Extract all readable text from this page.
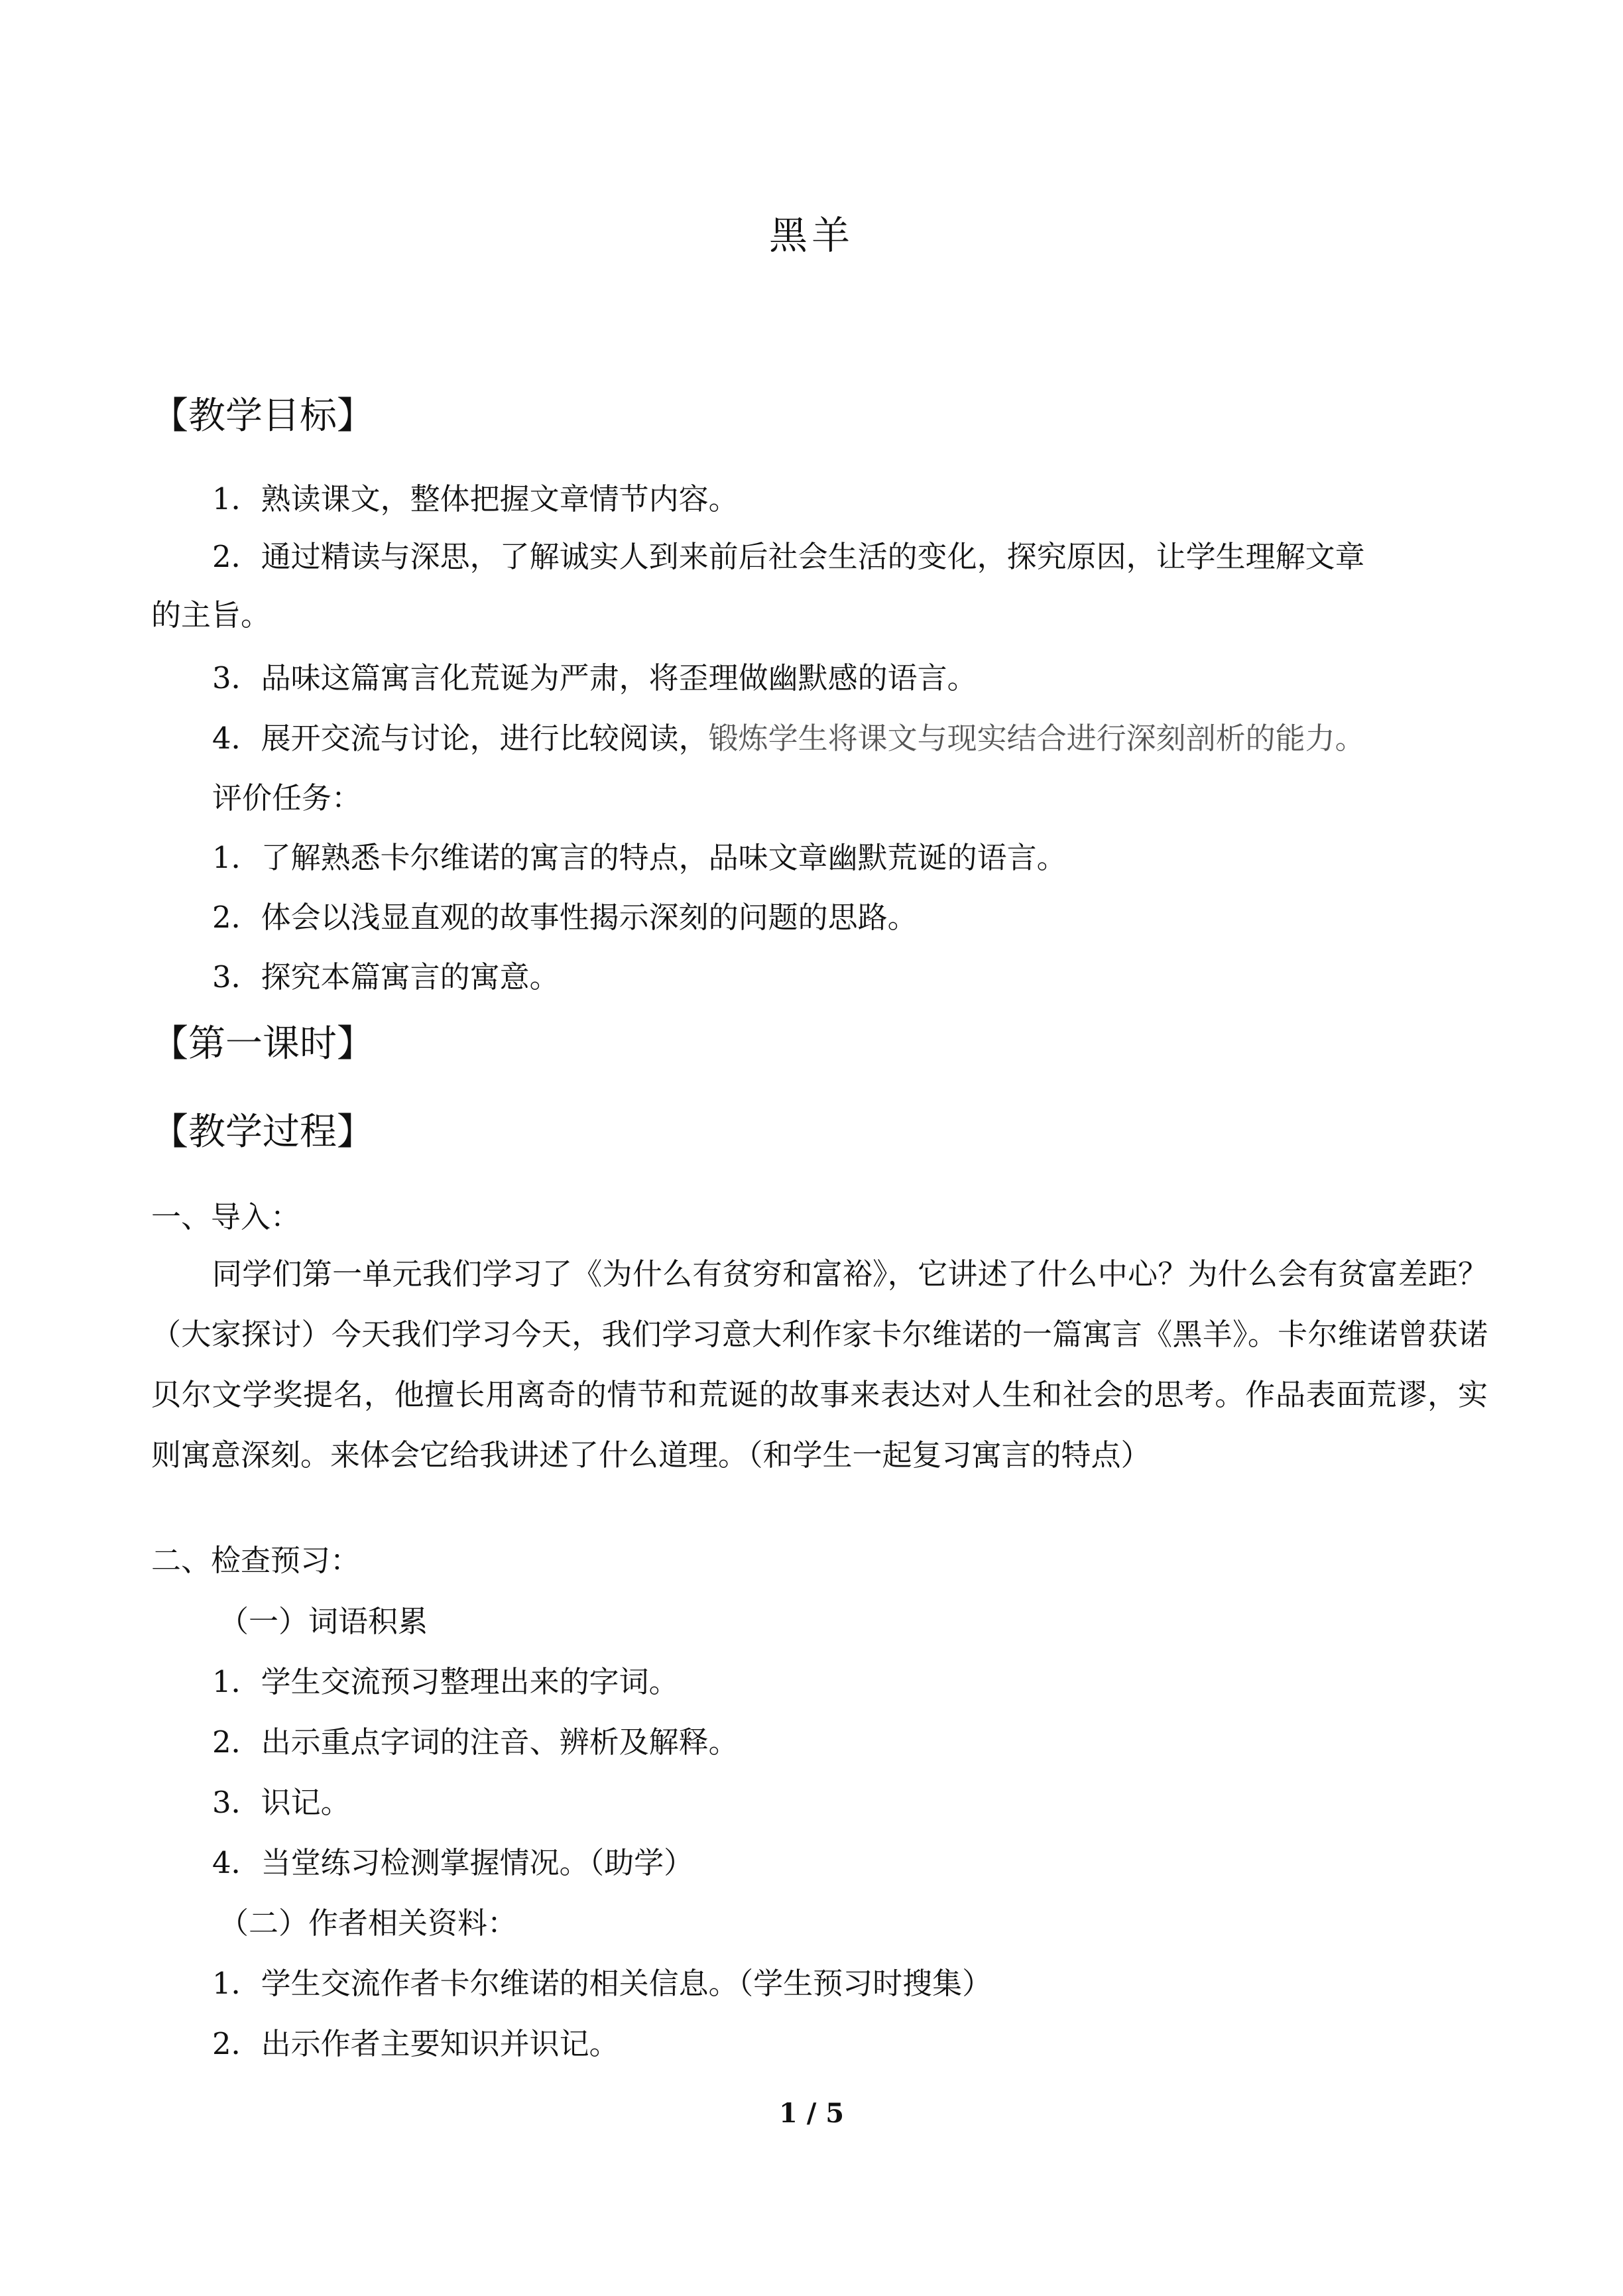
黑羊
【教学目标】
1．熟读课文，整体把握文章情节内容。
2．通过精读与深思，了解诚实人到来前后社会生活的变化，探究原因，让学生理解文章
的主旨。
3．品味这篇寓言化荒诞为严肃，将歪理做幽默感的语言。
4．展开交流与讨论，进行比较阅读，锻炼学生将课文与现实结合进行深刻剖析的能力。
评价任务：
1．了解熟悉卡尔维诺的寓言的特点，品味文章幽默荒诞的语言。
2．体会以浅显直观的故事性揭示深刻的问题的思路。
3．探究本篇寓言的寓意。
【第一课时】
【教学过程】
一、导入：
同学们第一单元我们学习了《为什么有贫穷和富裕》，它讲述了什么中心？为什么会有贫富差距？（大家探讨）今天我们学习今天，我们学习意大利作家卡尔维诺的一篇寓言《黑羊》。卡尔维诺曾获诺贝尔文学奖提名，他擅长用离奇的情节和荒诞的故事来表达对人生和社会的思考。作品表面荒谬，实则寓意深刻。来体会它给我讲述了什么道理。（和学生一起复习寓言的特点）
二、检查预习：
（一）词语积累
1．学生交流预习整理出来的字词。
2．出示重点字词的注音、辨析及解释。
3．识记。
4．当堂练习检测掌握情况。（助学）
（二）作者相关资料：
1．学生交流作者卡尔维诺的相关信息。（学生预习时搜集）
2．出示作者主要知识并识记。
1 / 5
